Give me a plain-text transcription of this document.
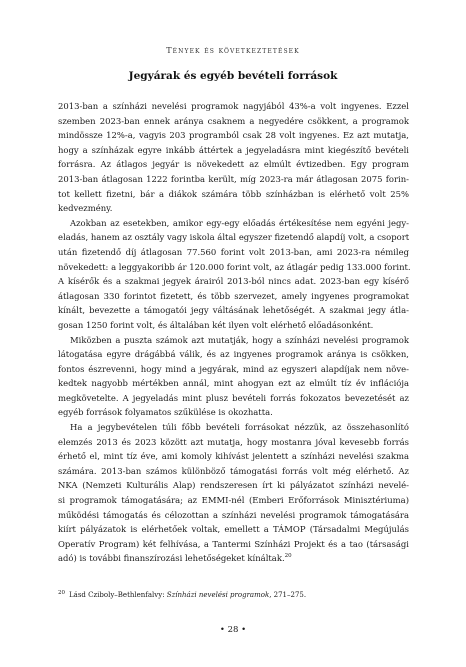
Tények és következtetések
Jegyárak és egyéb bevételi források
2013-ban a színházi nevelési programok nagyjából 43%-a volt ingyenes. Ezzel
szemben 2023-ban ennek aránya csaknem a negyedére csökkent, a programok
mindössze 12%-a, vagyis 203 programból csak 28 volt ingyenes. Ez azt mutatja,
hogy a színházak egyre inkább áttértek a jegyeladásra mint kiegészítő bevételi
forrásra. Az átlagos jegyár is növekedett az elmúlt évtizedben. Egy program
2013-ban átlagosan 1222 forintba került, míg 2023-ra már átlagosan 2075 forin-
tot kellett fizetni, bár a diákok számára több színházban is elérhető volt 25%
kedvezmény.
Azokban az esetekben, amikor egy-egy előadás értékesítése nem egyéni jegy-
eladás, hanem az osztály vagy iskola által egyszer fizetendő alapdíj volt, a csoport
után fizetendő díj átlagosan 77.560 forint volt 2013-ban, ami 2023-ra némileg
növekedett: a leggyakoribb ár 120.000 forint volt, az átlagár pedig 133.000 forint.
A kísérők és a szakmai jegyek árairól 2013-ból nincs adat. 2023-ban egy kísérő
átlagosan 330 forintot fizetett, és több szervezet, amely ingyenes programokat
kínált, bevezette a támogatói jegy váltásának lehetőségét. A szakmai jegy átla-
gosan 1250 forint volt, és általában két ilyen volt elérhető előadásonként.
Miközben a puszta számok azt mutatják, hogy a színházi nevelési programok
látogatása egyre drágábbá válik, és az ingyenes programok aránya is csökken,
fontos észrevenni, hogy mind a jegyárak, mind az egyszeri alapdíjak nem növe-
kedtek nagyobb mértékben annál, mint ahogyan ezt az elmúlt tíz év inflációja
megkövetelte. A jegyeladás mint plusz bevételi forrás fokozatos bevezetését az
egyéb források folyamatos szűkülése is okozhatta.
Ha a jegybevételen túli főbb bevételi forrásokat nézzük, az összehasonlító
elemzés 2013 és 2023 között azt mutatja, hogy mostanra jóval kevesebb forrás
érhető el, mint tíz éve, ami komoly kihívást jelentett a színházi nevelési szakma
számára. 2013-ban számos különböző támogatási forrás volt még elérhető. Az
NKA (Nemzeti Kulturális Alap) rendszeresen írt ki pályázatot színházi nevelé-
si programok támogatására; az EMMI-nél (Emberi Erőforrások Minisztériuma)
működési támogatás és célozottan a színházi nevelési programok támogatására
kiírt pályázatok is elérhetőek voltak, emellett a TÁMOP (Társadalmi Megújulás
Operatív Program) két felhívása, a Tantermi Színházi Projekt és a tao (társasági
adó) is további finanszírozási lehetőségeket kínáltak.$^{20}$
$^{20}$ Lásd Cziboly–Bethlenfalvy: Színházi nevelési programok, 271–275.
• 28 •
